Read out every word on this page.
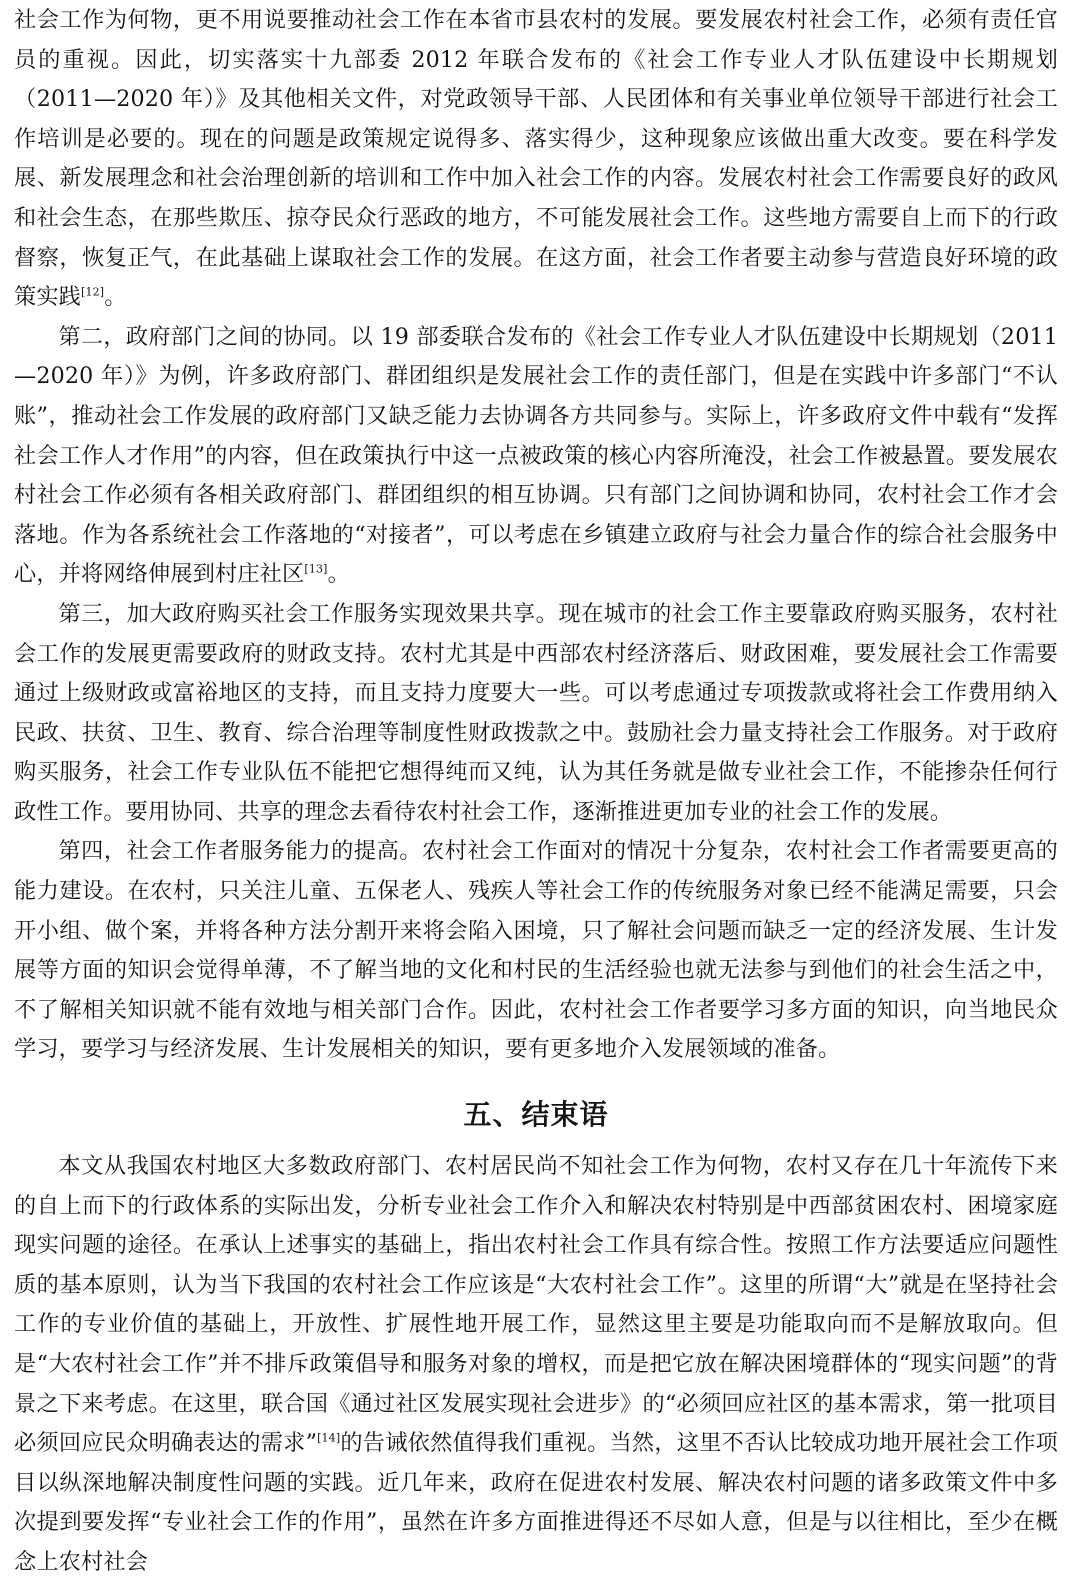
社会工作为何物，更不用说要推动社会工作在本省市县农村的发展。要发展农村社会工作，必须有责任官员的重视。因此，切实落实十九部委 2012 年联合发布的《社会工作专业人才队伍建设中长期规划（2011—2020 年）》及其他相关文件，对党政领导干部、人民团体和有关事业单位领导干部进行社会工作培训是必要的。现在的问题是政策规定说得多、落实得少，这种现象应该做出重大改变。要在科学发展、新发展理念和社会治理创新的培训和工作中加入社会工作的内容。发展农村社会工作需要良好的政风和社会生态，在那些欺压、掠夺民众行恶政的地方，不可能发展社会工作。这些地方需要自上而下的行政督察，恢复正气，在此基础上谋取社会工作的发展。在这方面，社会工作者要主动参与营造良好环境的政策实践[12]。

第二，政府部门之间的协同。以 19 部委联合发布的《社会工作专业人才队伍建设中长期规划（2011—2020 年）》为例，许多政府部门、群团组织是发展社会工作的责任部门，但是在实践中许多部门“不认账”，推动社会工作发展的政府部门又缺乏能力去协调各方共同参与。实际上，许多政府文件中载有“发挥社会工作人才作用”的内容，但在政策执行中这一点被政策的核心内容所淹没，社会工作被悬置。要发展农村社会工作必须有各相关政府部门、群团组织的相互协调。只有部门之间协调和协同，农村社会工作才会落地。作为各系统社会工作落地的“对接者”，可以考虑在乡镇建立政府与社会力量合作的综合社会服务中心，并将网络伸展到村庄社区[13]。

第三，加大政府购买社会工作服务实现效果共享。现在城市的社会工作主要靠政府购买服务，农村社会工作的发展更需要政府的财政支持。农村尤其是中西部农村经济落后、财政困难，要发展社会工作需要通过上级财政或富裕地区的支持，而且支持力度要大一些。可以考虑通过专项拨款或将社会工作费用纳入民政、扶贫、卫生、教育、综合治理等制度性财政拨款之中。鼓励社会力量支持社会工作服务。对于政府购买服务，社会工作专业队伍不能把它想得纯而又纯，认为其任务就是做专业社会工作，不能掺杂任何行政性工作。要用协同、共享的理念去看待农村社会工作，逐渐推进更加专业的社会工作的发展。

第四，社会工作者服务能力的提高。农村社会工作面对的情况十分复杂，农村社会工作者需要更高的能力建设。在农村，只关注儿童、五保老人、残疾人等社会工作的传统服务对象已经不能满足需要，只会开小组、做个案，并将各种方法分割开来将会陷入困境，只了解社会问题而缺乏一定的经济发展、生计发展等方面的知识会觉得单薄，不了解当地的文化和村民的生活经验也就无法参与到他们的社会生活之中，不了解相关知识就不能有效地与相关部门合作。因此，农村社会工作者要学习多方面的知识，向当地民众学习，要学习与经济发展、生计发展相关的知识，要有更多地介入发展领域的准备。

五、结束语

本文从我国农村地区大多数政府部门、农村居民尚不知社会工作为何物，农村又存在几十年流传下来的自上而下的行政体系的实际出发，分析专业社会工作介入和解决农村特别是中西部贫困农村、困境家庭现实问题的途径。在承认上述事实的基础上，指出农村社会工作具有综合性。按照工作方法要适应问题性质的基本原则，认为当下我国的农村社会工作应该是“大农村社会工作”。这里的所谓“大”就是在坚持社会工作的专业价值的基础上，开放性、扩展性地开展工作，显然这里主要是功能取向而不是解放取向。但是“大农村社会工作”并不排斥政策倡导和服务对象的增权，而是把它放在解决困境群体的“现实问题”的背景之下来考虑。在这里，联合国《通过社区发展实现社会进步》的“必须回应社区的基本需求，第一批项目必须回应民众明确表达的需求”[14]的告诫依然值得我们重视。当然，这里不否认比较成功地开展社会工作项目以纵深地解决制度性问题的实践。近几年来，政府在促进农村发展、解决农村问题的诸多政策文件中多次提到要发挥“专业社会工作的作用”，虽然在许多方面推进得还不尽如人意，但是与以往相比，至少在概念上农村社会
